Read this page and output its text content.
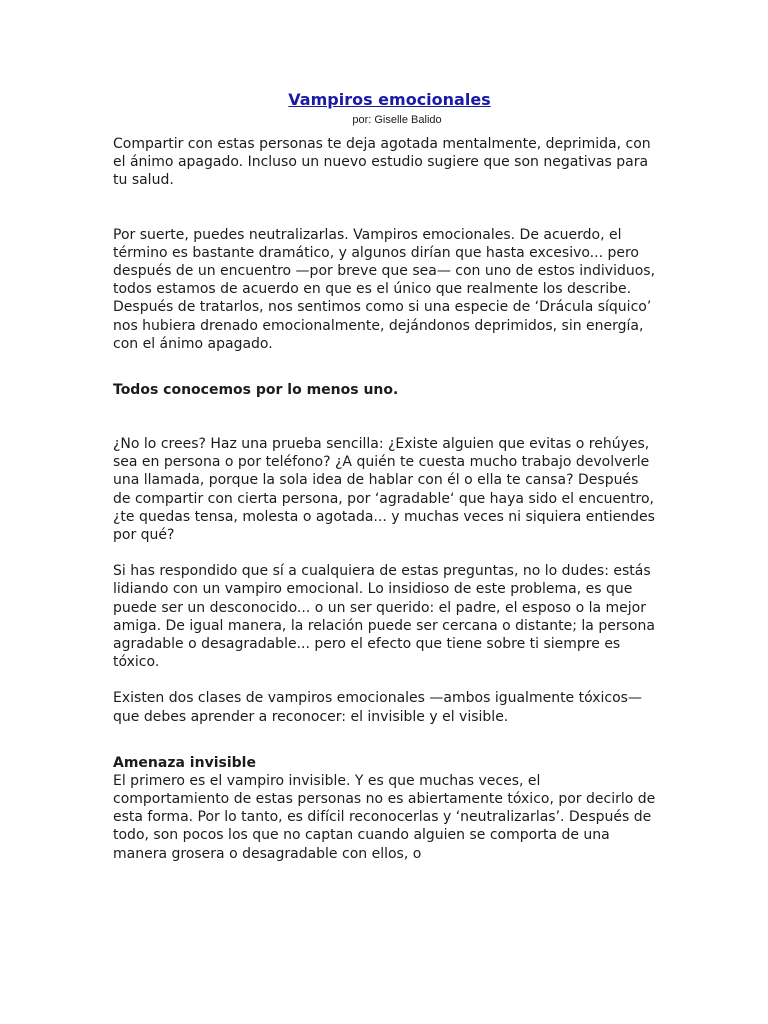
Vampiros emocionales
por: Giselle Balido

Compartir con estas personas te deja agotada mentalmente, deprimida, con el ánimo apagado. Incluso un nuevo estudio sugiere que son negativas para tu salud.

Por suerte, puedes neutralizarlas. Vampiros emocionales. De acuerdo, el término es bastante dramático, y algunos dirían que hasta excesivo... pero después de un encuentro —por breve que sea— con uno de estos individuos, todos estamos de acuerdo en que es el único que realmente los describe. Después de tratarlos, nos sentimos como si una especie de ‘Drácula síquico’ nos hubiera drenado emocionalmente, dejándonos deprimidos, sin energía, con el ánimo apagado.

Todos conocemos por lo menos uno.

¿No lo crees? Haz una prueba sencilla: ¿Existe alguien que evitas o rehúyes, sea en persona o por teléfono? ¿A quién te cuesta mucho trabajo devolverle una llamada, porque la sola idea de hablar con él o ella te cansa? Después de compartir con cierta persona, por ‘agradable‘ que haya sido el encuentro, ¿te quedas tensa, molesta o agotada... y muchas veces ni siquiera entiendes por qué?

Si has respondido que sí a cualquiera de estas preguntas, no lo dudes: estás lidiando con un vampiro emocional. Lo insidioso de este problema, es que puede ser un desconocido... o un ser querido: el padre, el esposo o la mejor amiga. De igual manera, la relación puede ser cercana o distante; la persona agradable o desagradable... pero el efecto que tiene sobre ti siempre es tóxico.

Existen dos clases de vampiros emocionales —ambos igualmente tóxicos— que debes aprender a reconocer: el invisible y el visible.

Amenaza invisible

El primero es el vampiro invisible. Y es que muchas veces, el comportamiento de estas personas no es abiertamente tóxico, por decirlo de esta forma. Por lo tanto, es difícil reconocerlas y ‘neutralizarlas’. Después de todo, son pocos los que no captan cuando alguien se comporta de una manera grosera o desagradable con ellos, o
